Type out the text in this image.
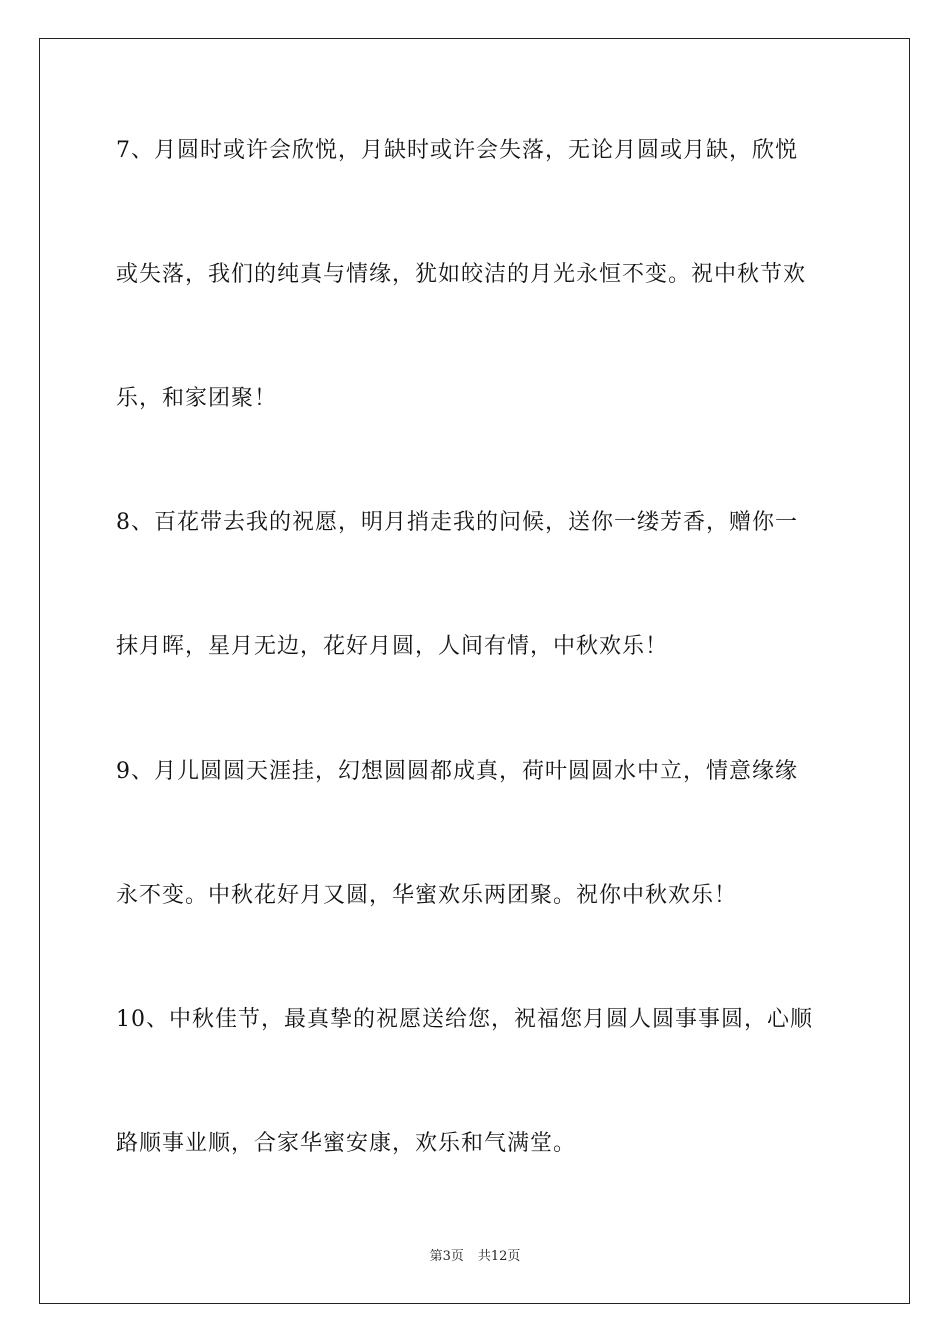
7、月圆时或许会欣悦，月缺时或许会失落，无论月圆或月缺，欣悦
或失落，我们的纯真与情缘，犹如皎洁的月光永恒不变。祝中秋节欢
乐，和家团聚！
8、百花带去我的祝愿，明月捎走我的问候，送你一缕芳香，赠你一
抹月晖，星月无边，花好月圆，人间有情，中秋欢乐！
9、月儿圆圆天涯挂，幻想圆圆都成真，荷叶圆圆水中立，情意缘缘
永不变。中秋花好月又圆，华蜜欢乐两团聚。祝你中秋欢乐！
10、中秋佳节，最真挚的祝愿送给您，祝福您月圆人圆事事圆，心顺
路顺事业顺，合家华蜜安康，欢乐和气满堂。
第3页 共12页
